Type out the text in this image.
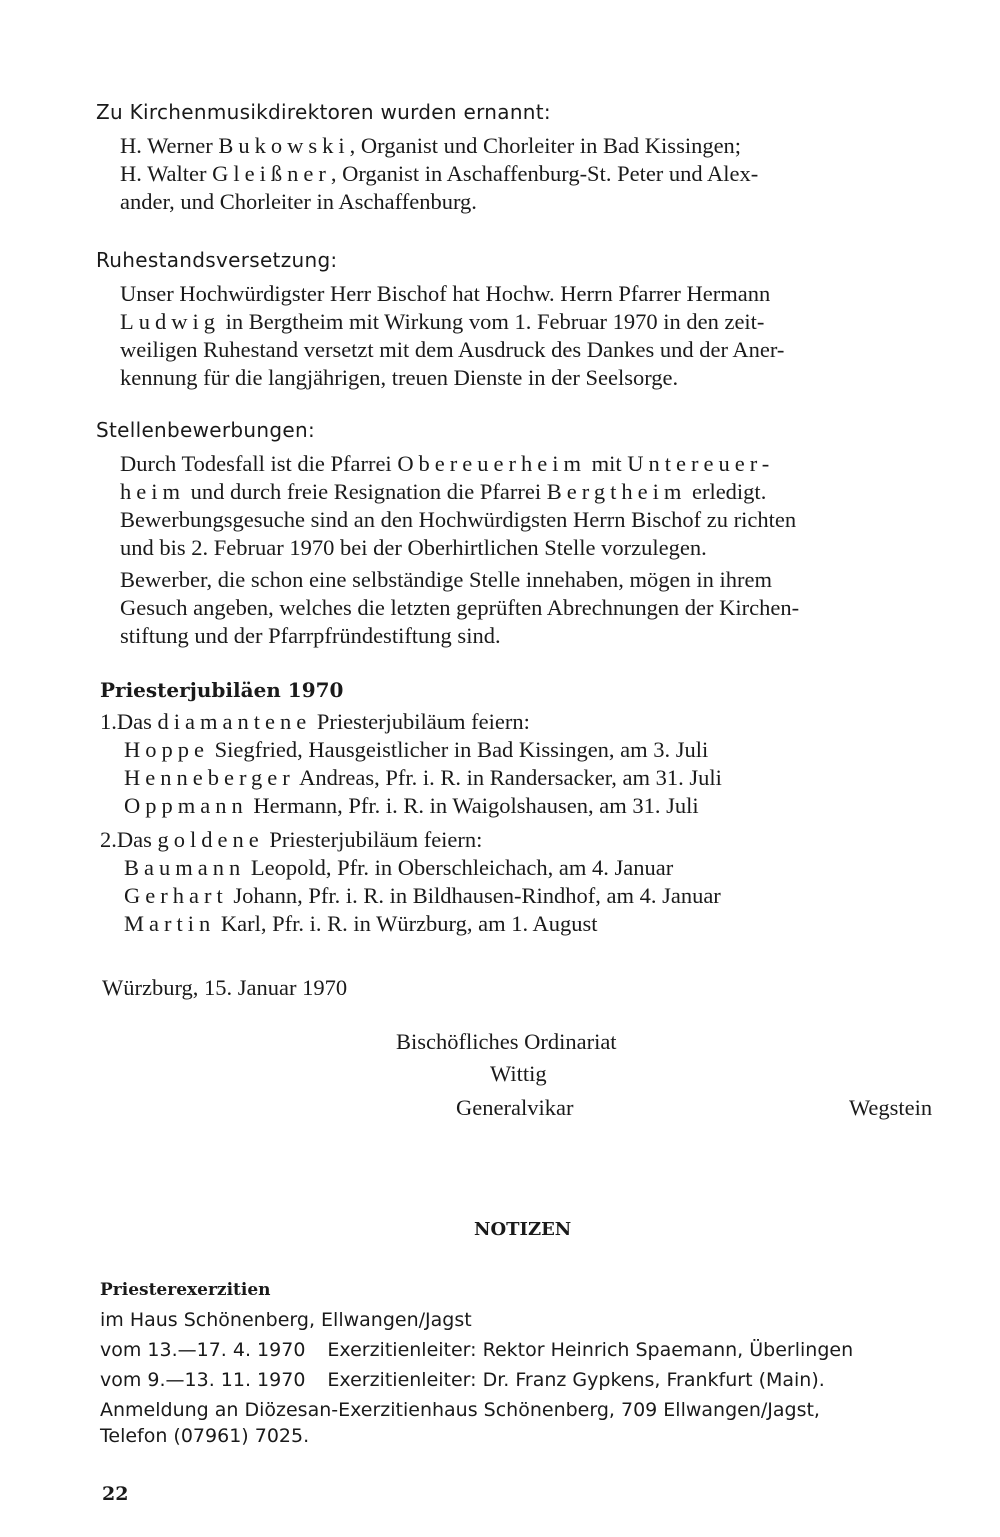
Zu Kirchenmusikdirektoren wurden ernannt:
H. Werner Bukowski, Organist und Chorleiter in Bad Kissingen;
H. Walter Gleißner, Organist in Aschaffenburg-St. Peter und Alex-
ander, und Chorleiter in Aschaffenburg.
Ruhestandsversetzung:
Unser Hochwürdigster Herr Bischof hat Hochw. Herrn Pfarrer Hermann
Ludwig in Bergtheim mit Wirkung vom 1. Februar 1970 in den zeit-
weiligen Ruhestand versetzt mit dem Ausdruck des Dankes und der Aner-
kennung für die langjährigen, treuen Dienste in der Seelsorge.
Stellenbewerbungen:
Durch Todesfall ist die Pfarrei Obereuerheim mit Untereuer-
heim und durch freie Resignation die Pfarrei Bergtheim erledigt.
Bewerbungsgesuche sind an den Hochwürdigsten Herrn Bischof zu richten
und bis 2. Februar 1970 bei der Oberhirtlichen Stelle vorzulegen.
Bewerber, die schon eine selbständige Stelle innehaben, mögen in ihrem
Gesuch angeben, welches die letzten geprüften Abrechnungen der Kirchen-
stiftung und der Pfarrpfründestiftung sind.
Priesterjubiläen 1970
1.Das diamantene Priesterjubiläum feiern:
Hoppe Siegfried, Hausgeistlicher in Bad Kissingen, am 3. Juli
Henneberger Andreas, Pfr. i. R. in Randersacker, am 31. Juli
Oppmann Hermann, Pfr. i. R. in Waigolshausen, am 31. Juli
2.Das goldene Priesterjubiläum feiern:
Baumann Leopold, Pfr. in Oberschleichach, am 4. Januar
Gerhart Johann, Pfr. i. R. in Bildhausen-Rindhof, am 4. Januar
Martin Karl, Pfr. i. R. in Würzburg, am 1. August
Würzburg, 15. Januar 1970
Bischöfliches Ordinariat
Wittig
Generalvikar	Wegstein
NOTIZEN
Priesterexerzitien
im Haus Schönenberg, Ellwangen/Jagst
vom 13.—17. 4. 1970 Exerzitienleiter: Rektor Heinrich Spaemann, Überlingen
vom 9.—13. 11. 1970 Exerzitienleiter: Dr. Franz Gypkens, Frankfurt (Main).
Anmeldung an Diözesan-Exerzitienhaus Schönenberg, 709 Ellwangen/Jagst,
Telefon (07961) 7025.
22
